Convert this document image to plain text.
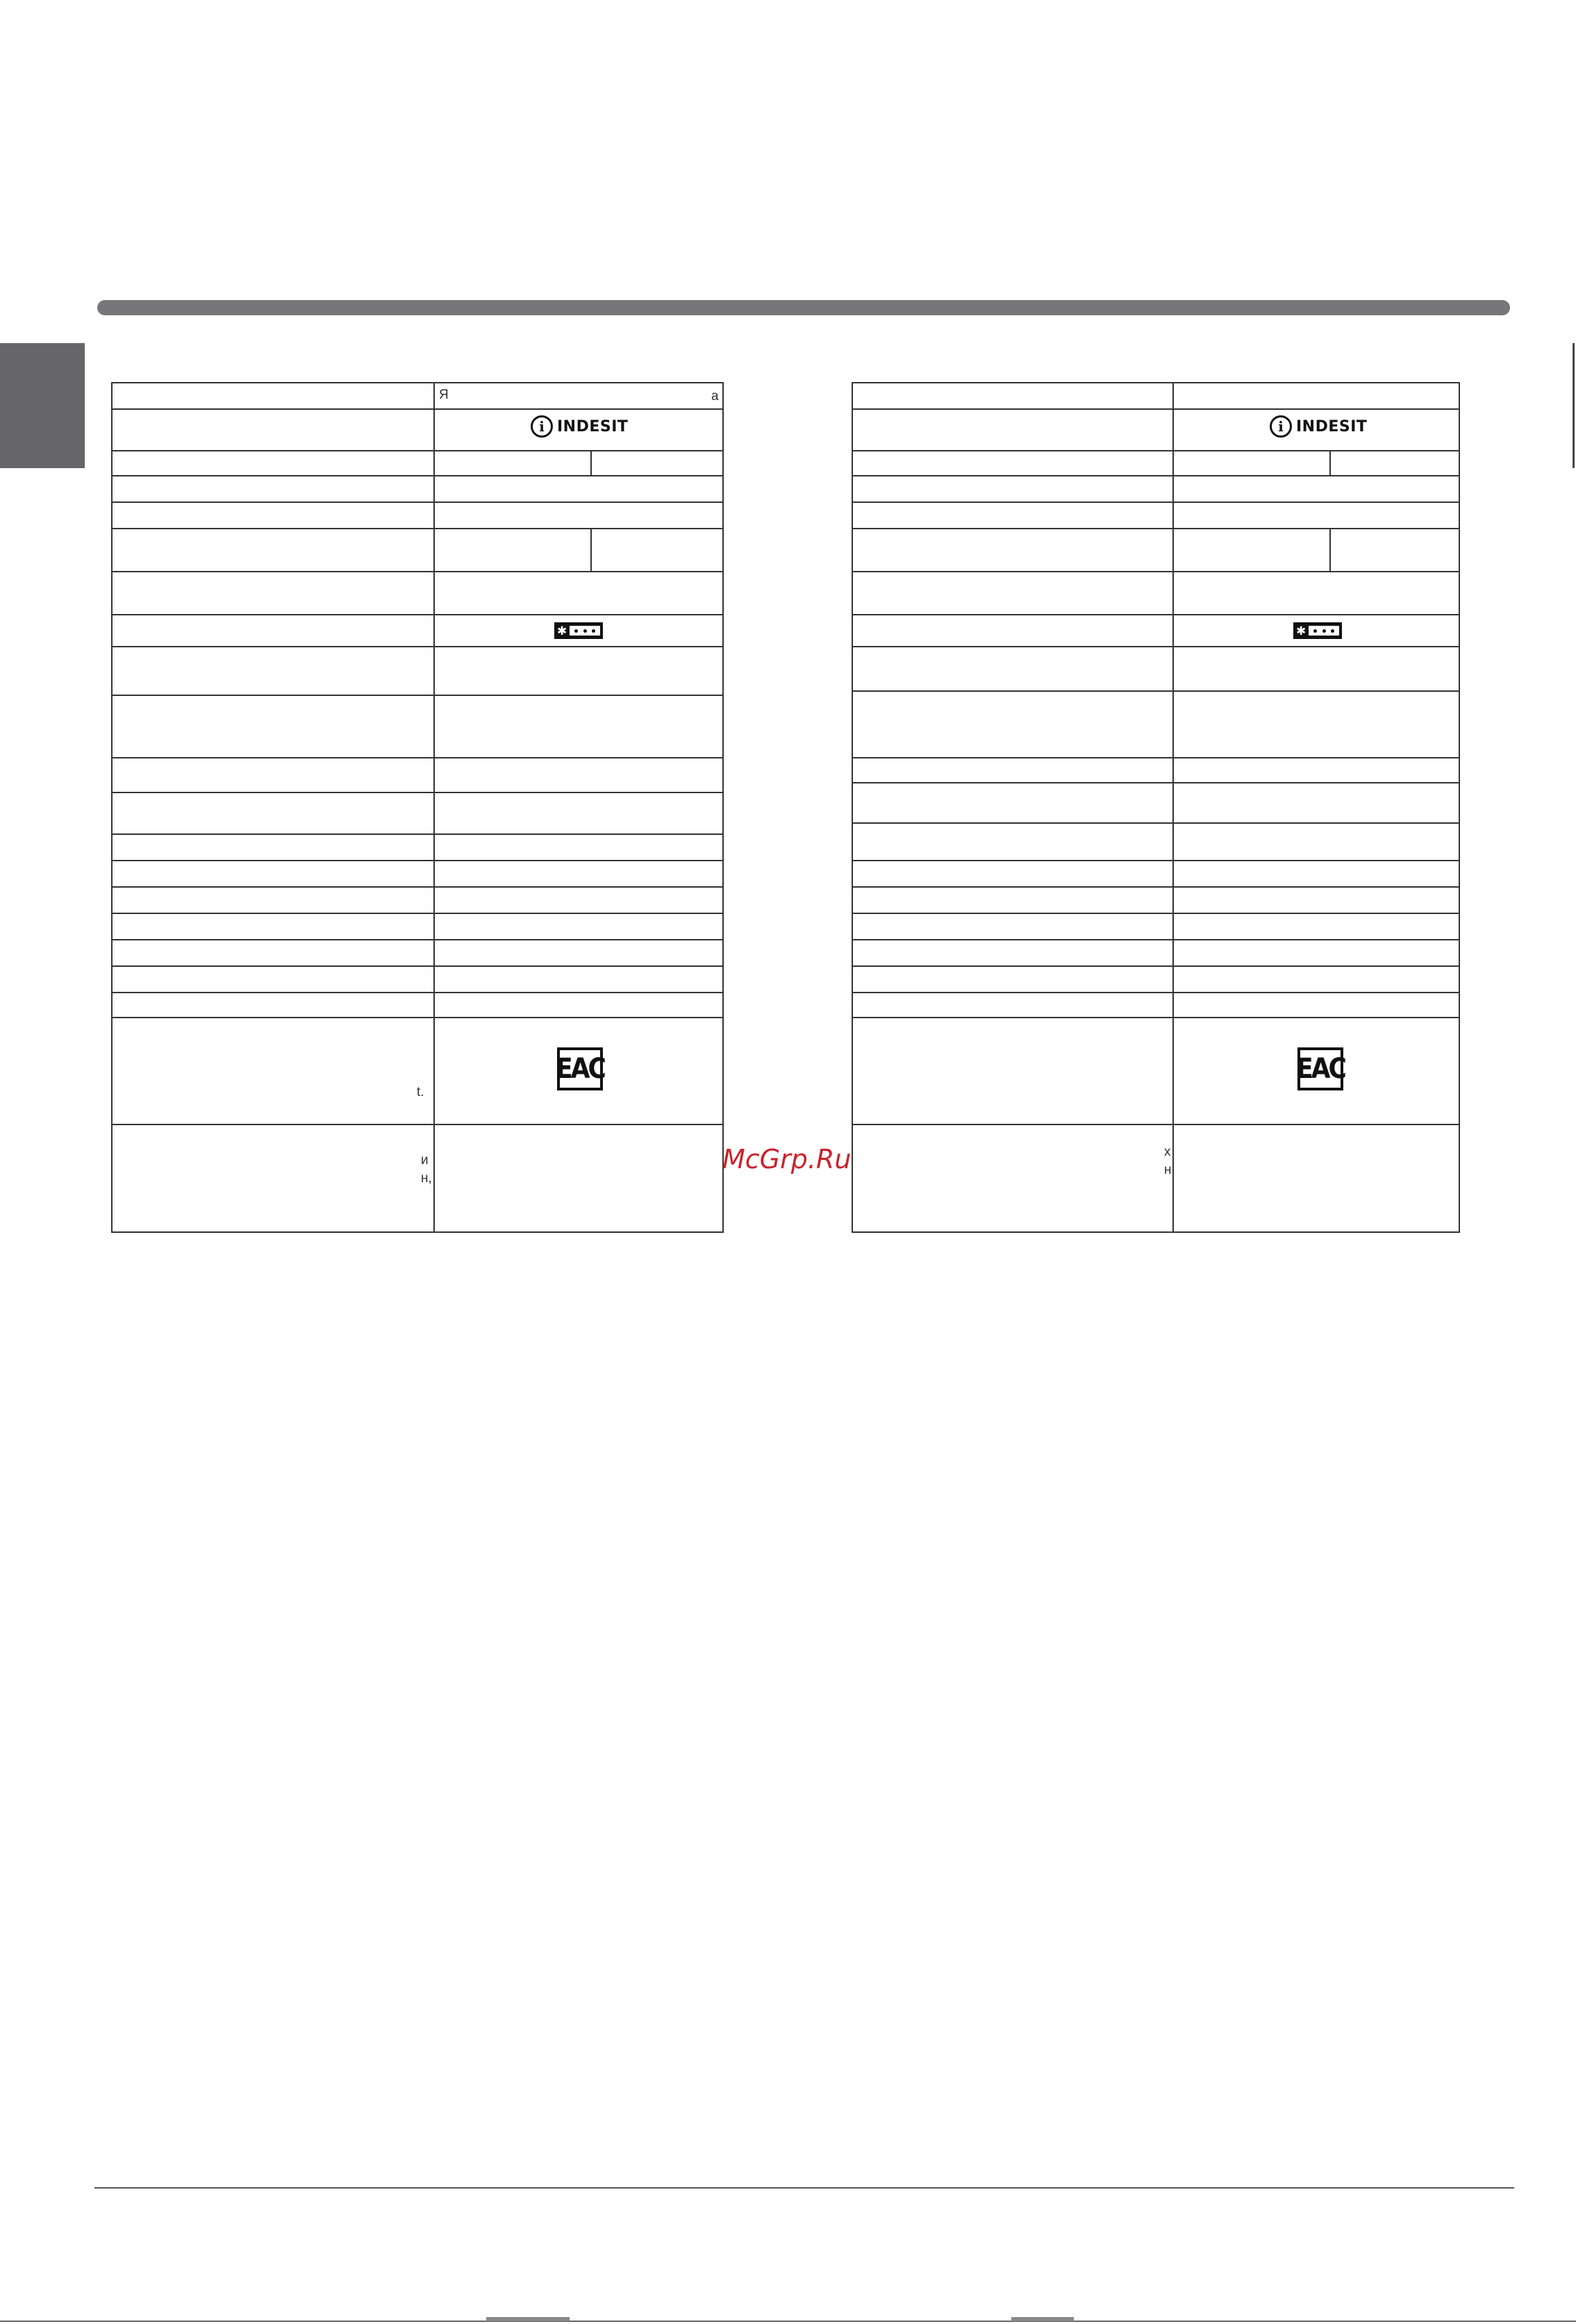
Я	a
i INDESIT
✱
t.
EAC
и
н,
i INDESIT
✱
EAC
x
н
McGrp.Ru
